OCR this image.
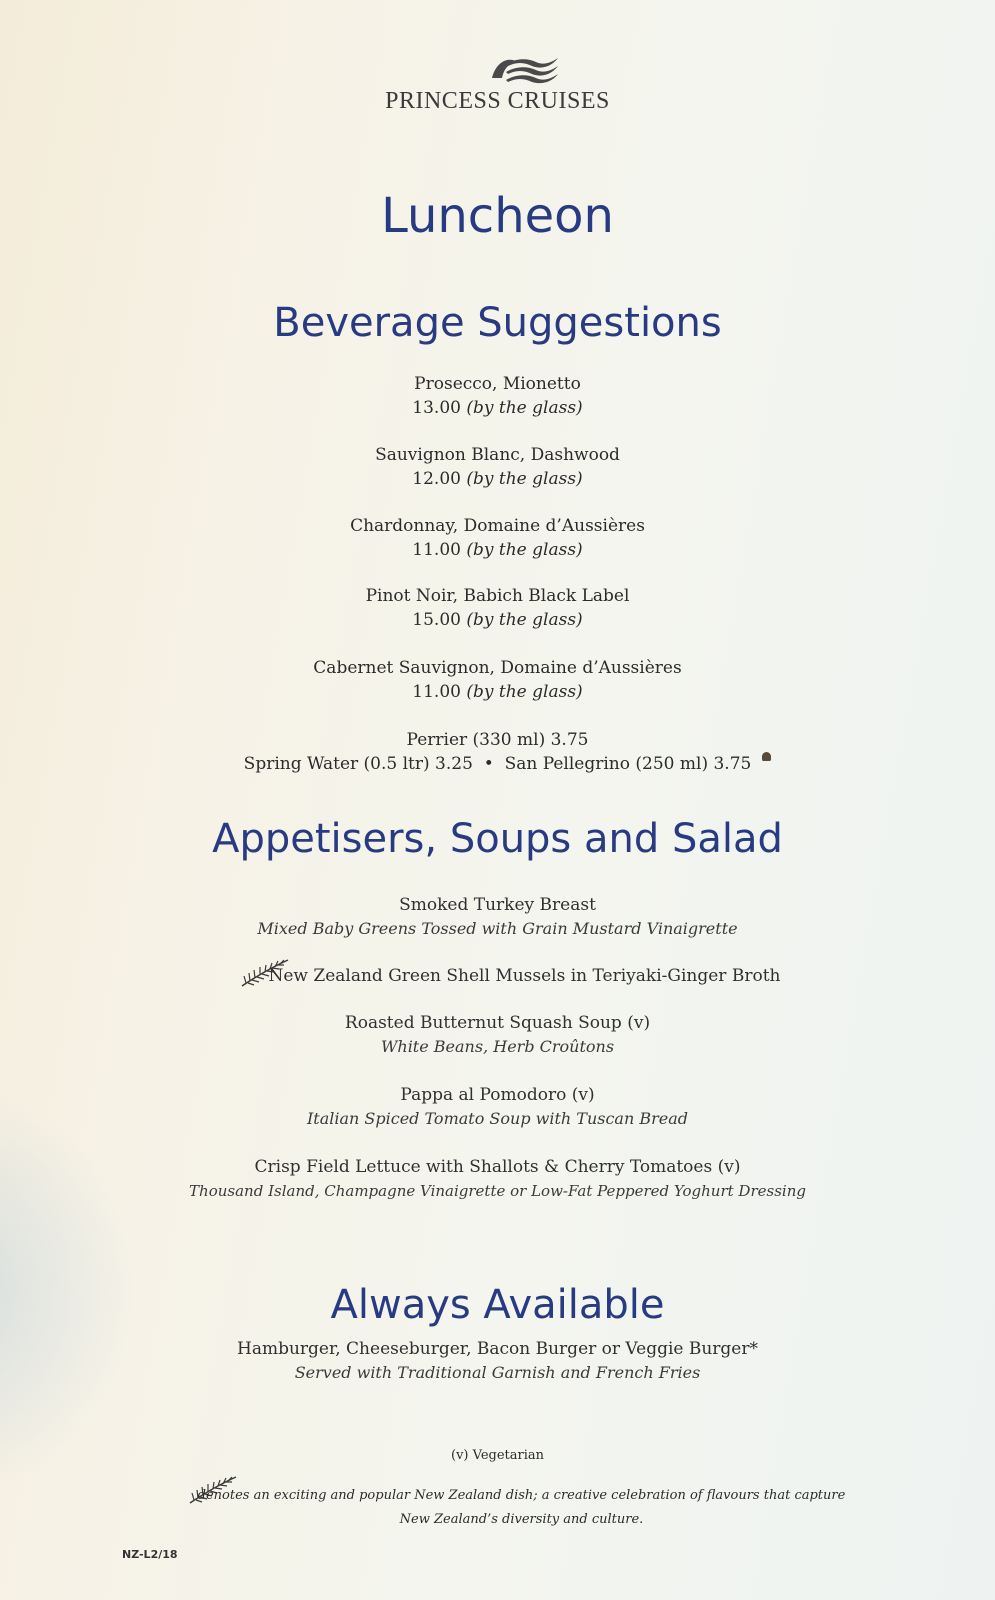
PRINCESS CRUISES
Luncheon
Beverage Suggestions
Prosecco, Mionetto
13.00 (by the glass)
Sauvignon Blanc, Dashwood
12.00 (by the glass)
Chardonnay, Domaine d’Aussières
11.00 (by the glass)
Pinot Noir, Babich Black Label
15.00 (by the glass)
Cabernet Sauvignon, Domaine d’Aussières
11.00 (by the glass)
Perrier (330 ml) 3.75
Spring Water (0.5 ltr) 3.25 • San Pellegrino (250 ml) 3.75
Appetisers, Soups and Salad
Smoked Turkey Breast
Mixed Baby Greens Tossed with Grain Mustard Vinaigrette
New Zealand Green Shell Mussels in Teriyaki-Ginger Broth
Roasted Butternut Squash Soup (v)
White Beans, Herb Croûtons
Pappa al Pomodoro (v)
Italian Spiced Tomato Soup with Tuscan Bread
Crisp Field Lettuce with Shallots & Cherry Tomatoes (v)
Thousand Island, Champagne Vinaigrette or Low-Fat Peppered Yoghurt Dressing
Always Available
Hamburger, Cheeseburger, Bacon Burger or Veggie Burger*
Served with Traditional Garnish and French Fries
(v) Vegetarian
denotes an exciting and popular New Zealand dish; a creative celebration of flavours that capture
New Zealand’s diversity and culture.
NZ-L2/18
